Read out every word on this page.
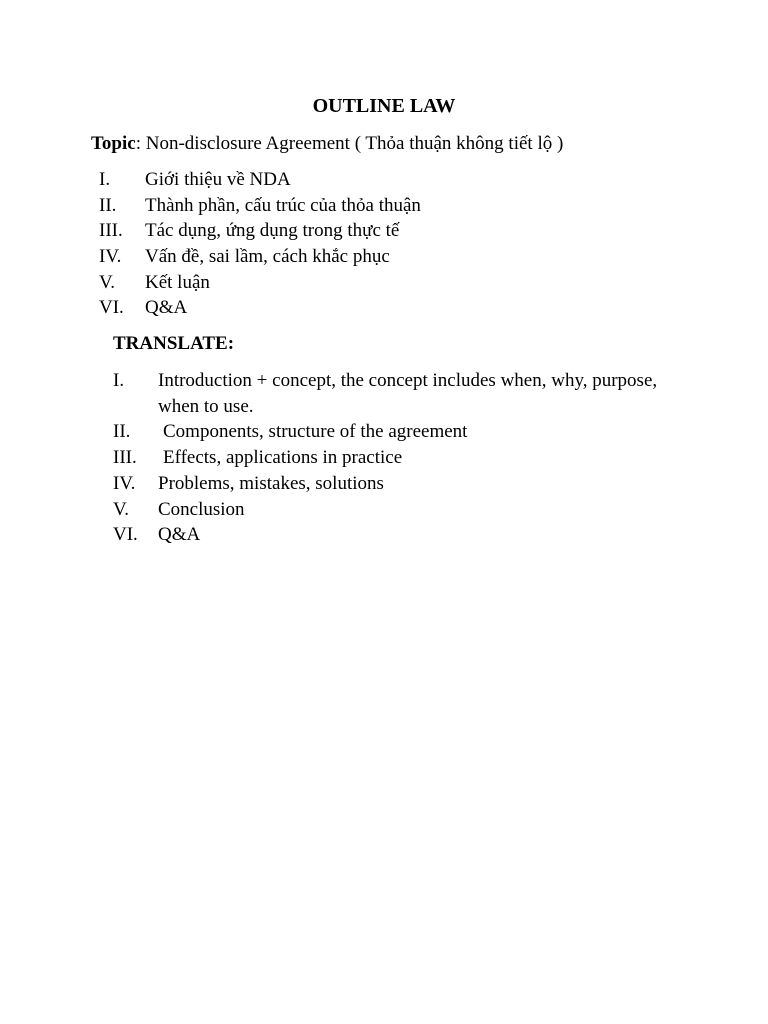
OUTLINE LAW
Topic: Non-disclosure Agreement ( Thỏa thuận không tiết lộ )
I. Giới thiệu về NDA
II. Thành phần, cấu trúc của thỏa thuận
III. Tác dụng, ứng dụng trong thực tế
IV. Vấn đề, sai lầm, cách khắc phục
V. Kết luận
VI. Q&A
TRANSLATE:
I.	Introduction + concept, the concept includes when, why, purpose, when to use.
II.	Components, structure of the agreement
III.	Effects, applications in practice
IV.	Problems, mistakes, solutions
V.	Conclusion
VI.	Q&A
